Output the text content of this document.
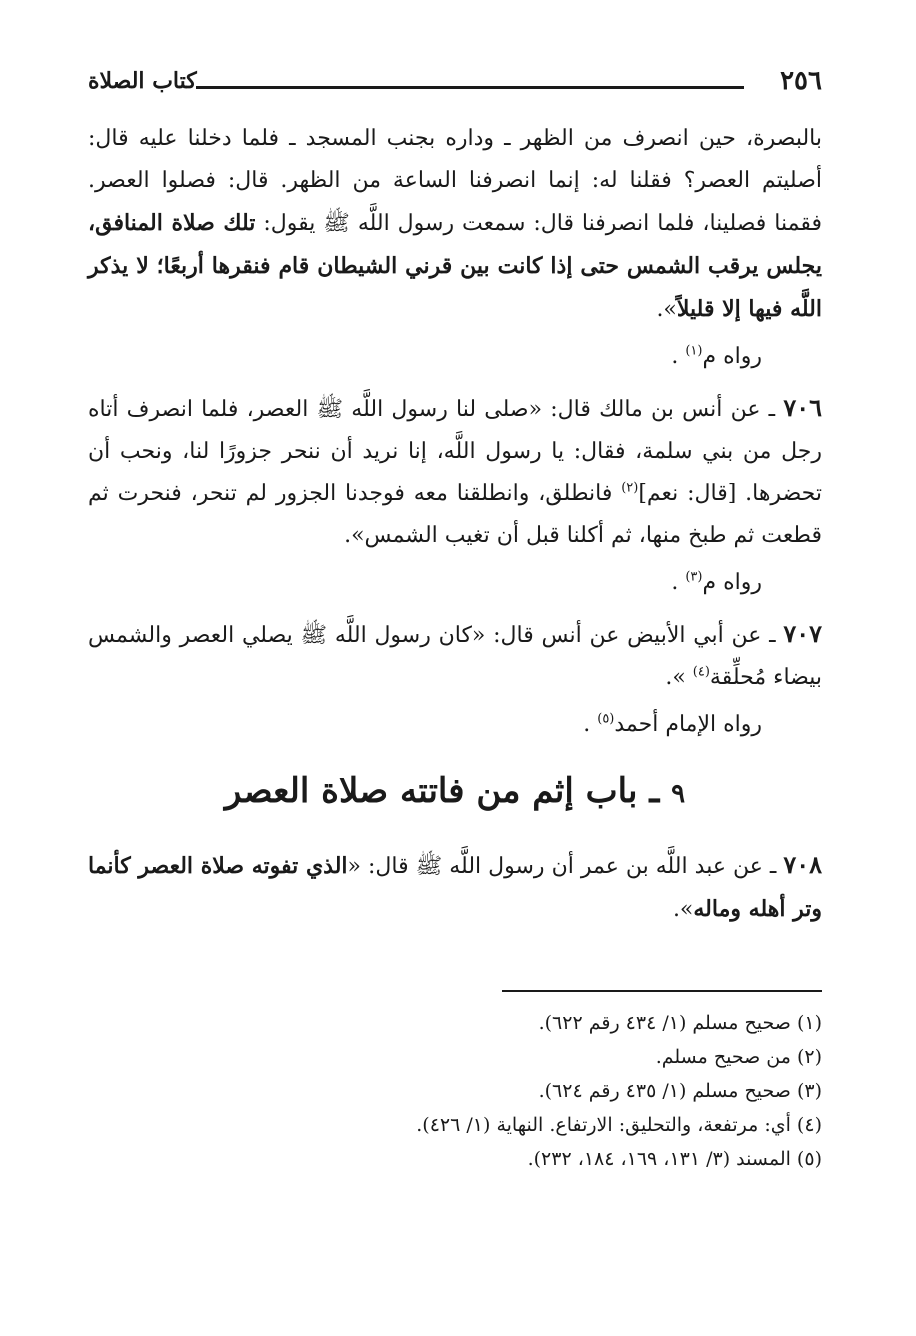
٢٥٦
كتاب الصلاة

بالبصرة، حين انصرف من الظهر ـ وداره بجنب المسجد ـ فلما دخلنا عليه قال: أصليتم العصر؟ فقلنا له: إنما انصرفنا الساعة من الظهر. قال: فصلوا العصر. فقمنا فصلينا، فلما انصرفنا قال: سمعت رسول اللَّه ﷺ يقول: تلك صلاة المنافق، يجلس يرقب الشمس حتى إذا كانت بين قرني الشيطان قام فنقرها أربعًا؛ لا يذكر اللَّه فيها إلا قليلاً».

رواه م$^{(١)}$ .

٧٠٦ ـ عن أنس بن مالك قال: «صلى لنا رسول اللَّه ﷺ العصر، فلما انصرف أتاه رجل من بني سلمة، فقال: يا رسول اللَّه، إنا نريد أن ننحر جزورًا لنا، ونحب أن تحضرها. [قال: نعم]$^{(٢)}$ فانطلق، وانطلقنا معه فوجدنا الجزور لم تنحر، فنحرت ثم قطعت ثم طبخ منها، ثم أكلنا قبل أن تغيب الشمس».

رواه م$^{(٣)}$ .

٧٠٧ ـ عن أبي الأبيض عن أنس قال: «كان رسول اللَّه ﷺ يصلي العصر والشمس بيضاء مُحلِّقة$^{(٤)}$ ».

رواه الإمام أحمد$^{(٥)}$ .

٩ ـ باب إثم من فاتته صلاة العصر

٧٠٨ ـ عن عبد اللَّه بن عمر أن رسول اللَّه ﷺ قال: «الذي تفوته صلاة العصر كأنما وتر أهله وماله».

(١) صحيح مسلم (١/ ٤٣٤ رقم ٦٢٢).

(٢) من صحيح مسلم.

(٣) صحيح مسلم (١/ ٤٣٥ رقم ٦٢٤).

(٤) أي: مرتفعة، والتحليق: الارتفاع. النهاية (١/ ٤٢٦).

(٥) المسند (٣/ ١٣١، ١٦٩، ١٨٤، ٢٣٢).
